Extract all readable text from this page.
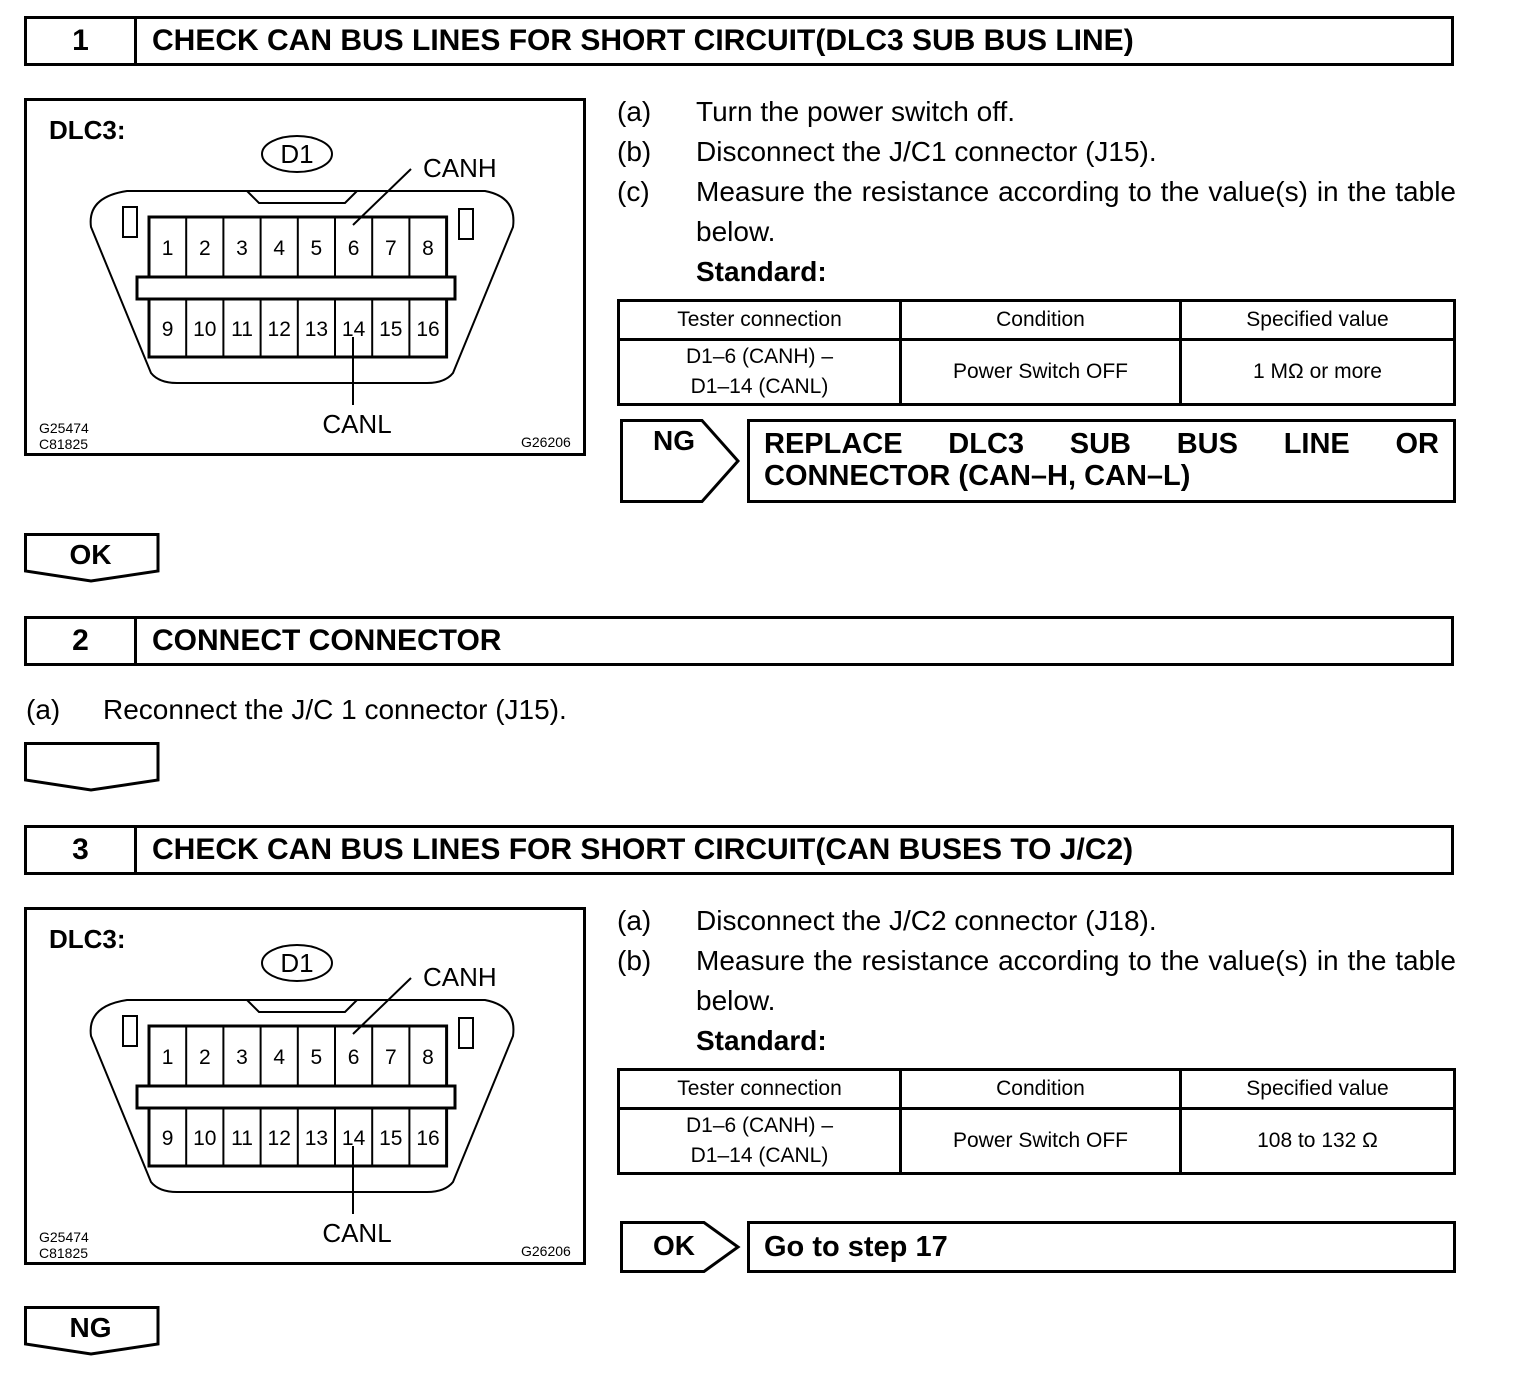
1	CHECK CAN BUS LINES FOR SHORT CIRCUIT(DLC3 SUB BUS LINE)
DLC3:
D1	CANH
1 2 3 4 5 6 7 8
9 10 11 12 13 14 15 16
CANL
G25474
C81825	G26206
(a)	Turn the power switch off.
(b)	Disconnect the J/C1 connector (J15).
(c)	Measure the resistance according to the value(s) in the table below.
Standard:
Tester connection	Condition	Specified value

D1–6 (CANH) –
D1–14 (CANL)	Power Switch OFF	1 MΩ or more
NG	REPLACE DLC3 SUB BUS LINE OR
CONNECTOR (CAN–H, CAN–L)
OK
2	CONNECT CONNECTOR
(a)	Reconnect the J/C 1 connector (J15).
3	CHECK CAN BUS LINES FOR SHORT CIRCUIT(CAN BUSES TO J/C2)
DLC3:
D1	CANH
1 2 3 4 5 6 7 8
9 10 11 12 13 14 15 16
CANL
G25474
C81825	G26206
(a)	Disconnect the J/C2 connector (J18).
(b)	Measure the resistance according to the value(s) in the table below.
Standard:
Tester connection	Condition	Specified value

D1–6 (CANH) –
D1–14 (CANL)	Power Switch OFF	108 to 132 Ω
OK	Go to step 17
NG
